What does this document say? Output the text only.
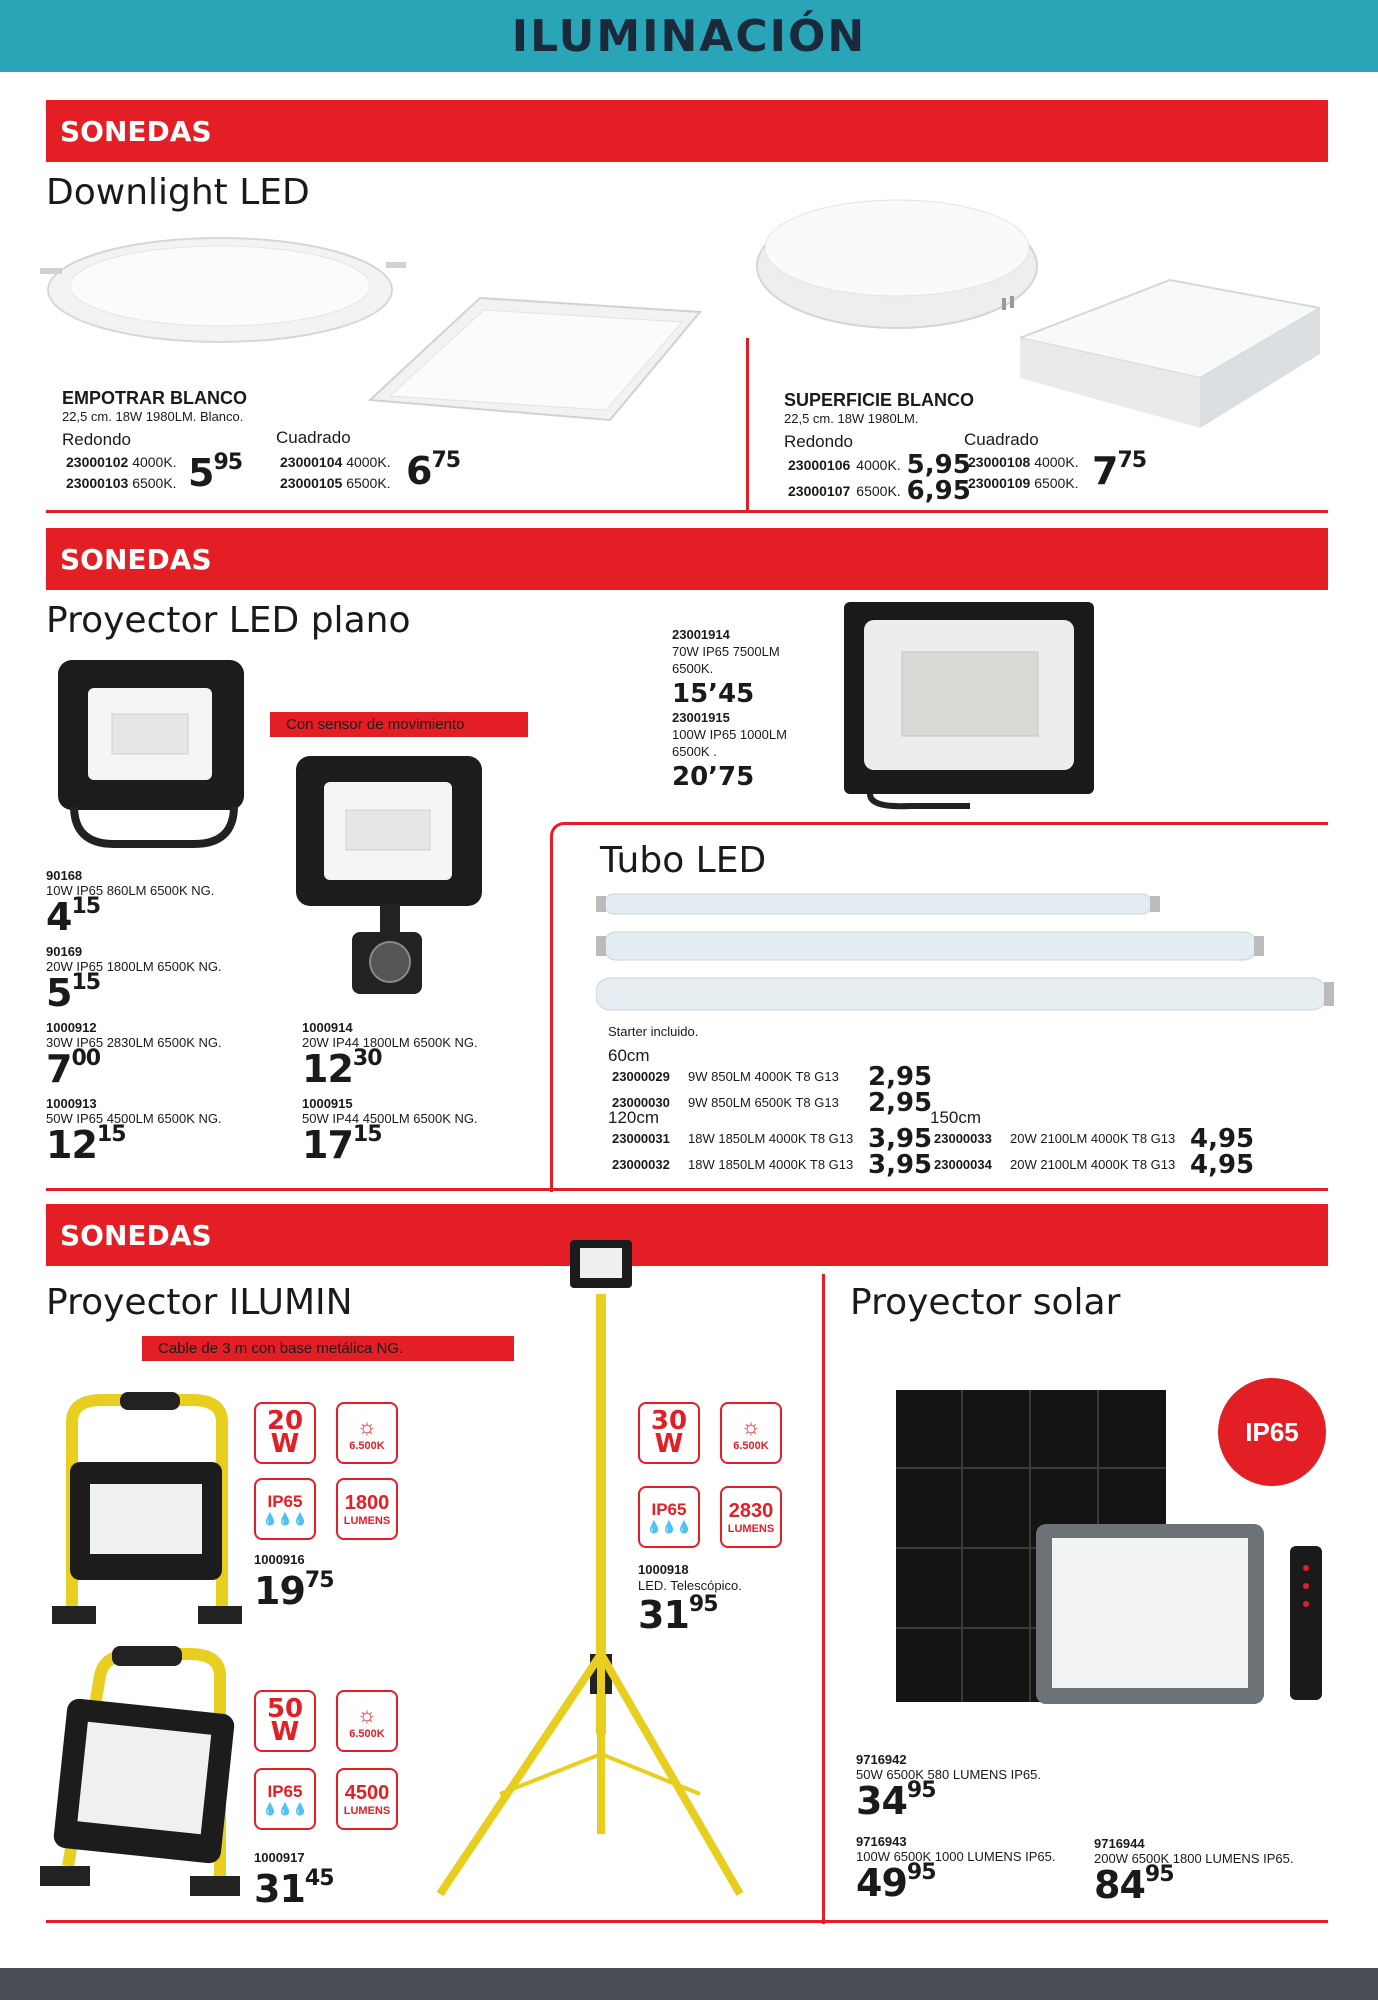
ILUMINACIÓN
SONEDAS
Downlight LED
EMPOTRAR BLANCO
22,5 cm. 18W 1980LM. Blanco.
Redondo	Cuadrado
23000102 4000K.
23000103 6500K. $5^{95}$	23000104 4000K.
23000105 6500K. $6^{75}$
SUPERFICIE BLANCO
22,5 cm. 18W 1980LM.
Redondo	Cuadrado
23000106 4000K. 5,95
23000107 6500K. 6,95
23000108 4000K.
23000109 6500K. $7^{75}$
SONEDAS
Proyector LED plano
Con sensor de movimiento
23001914
70W IP65 7500LM
6500K.
15’45
23001915
100W IP65 1000LM
6500K .
20’75
90168
10W IP65 860LM 6500K NG.
$4^{15}$
90169
20W IP65 1800LM 6500K NG.
$5^{15}$
1000912
30W IP65 2830LM 6500K NG.
$7^{00}$
1000913
50W IP65 4500LM 6500K NG.
$12^{15}$
1000914
20W IP44 1800LM 6500K NG.
$12^{30}$
1000915
50W IP44 4500LM 6500K NG.
$17^{15}$
Tubo LED
Starter incluido.
60cm
23000029	9W 850LM 4000K T8 G13	2,95
23000030	9W 850LM 6500K T8 G13	2,95
120cm
23000031	18W 1850LM 4000K T8 G13 3,95
23000032	18W 1850LM 4000K T8 G13 3,95
150cm
23000033	20W 2100LM 4000K T8 G13 4,95
23000034	20W 2100LM 4000K T8 G13 4,95
SONEDAS
Proyector ILUMIN
Cable de 3 m con base metálica NG.
20
W
☼
6.500K
IP65
💧💧💧
1800
LUMENS
1000916
$19^{75}$
50
W
☼
6.500K
IP65
💧💧💧
4500
LUMENS
1000917
$31^{45}$
30
W
☼
6.500K
IP65
💧💧💧
2830
LUMENS
1000918
LED. Telescópico.
$31^{95}$
Proyector solar
IP65
9716942
50W 6500K 580 LUMENS IP65.
$34^{95}$
9716943
100W 6500K 1000 LUMENS IP65.
$49^{95}$
9716944
200W 6500K 1800 LUMENS IP65.
$84^{95}$
